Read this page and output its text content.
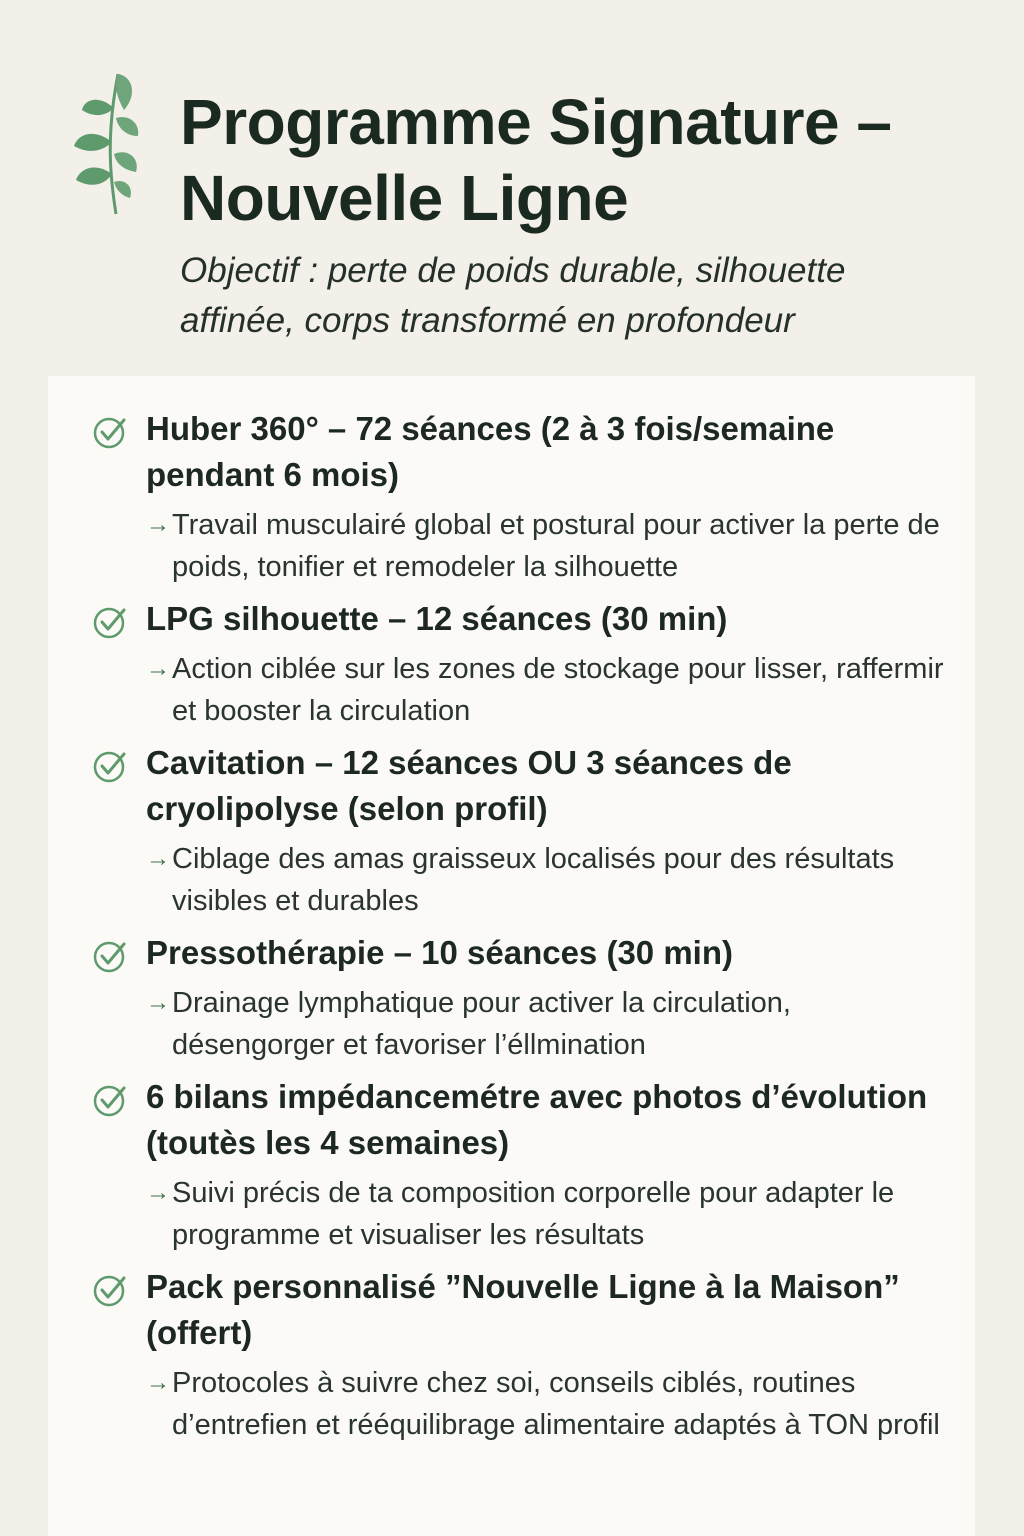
Programme Signature – Nouvelle Ligne

Objectif : perte de poids durable, silhouette affinée, corps transformé en profondeur

Huber 360° – 72 séances (2 à 3 fois/semaine pendant 6 mois)
→ Travail musculairé global et postural pour activer la perte de poids, tonifier et remodeler la silhouette
LPG silhouette – 12 séances (30 min)
→ Action ciblée sur les zones de stockage pour lisser, raffermir et booster la circulation
Cavitation – 12 séances OU 3 séances de cryolipolyse (selon profil)
→ Ciblage des amas graisseux localisés pour des résultats visibles et durables
Pressothérapie – 10 séances (30 min)
→ Drainage lymphatique pour activer la circulation, désengorger et favoriser l’éllmination
6 bilans impédancemétre avec photos d’évolution (toutès les 4 semaines)
→ Suivi précis de ta composition corporelle pour adapter le programme et visualiser les résultats
Pack personnalisé ”Nouvelle Ligne à la Maison” (offert)
→ Protocoles à suivre chez soi, conseils ciblés, routines d’entrefien et rééquilibrage alimentaire adaptés à TON profil
